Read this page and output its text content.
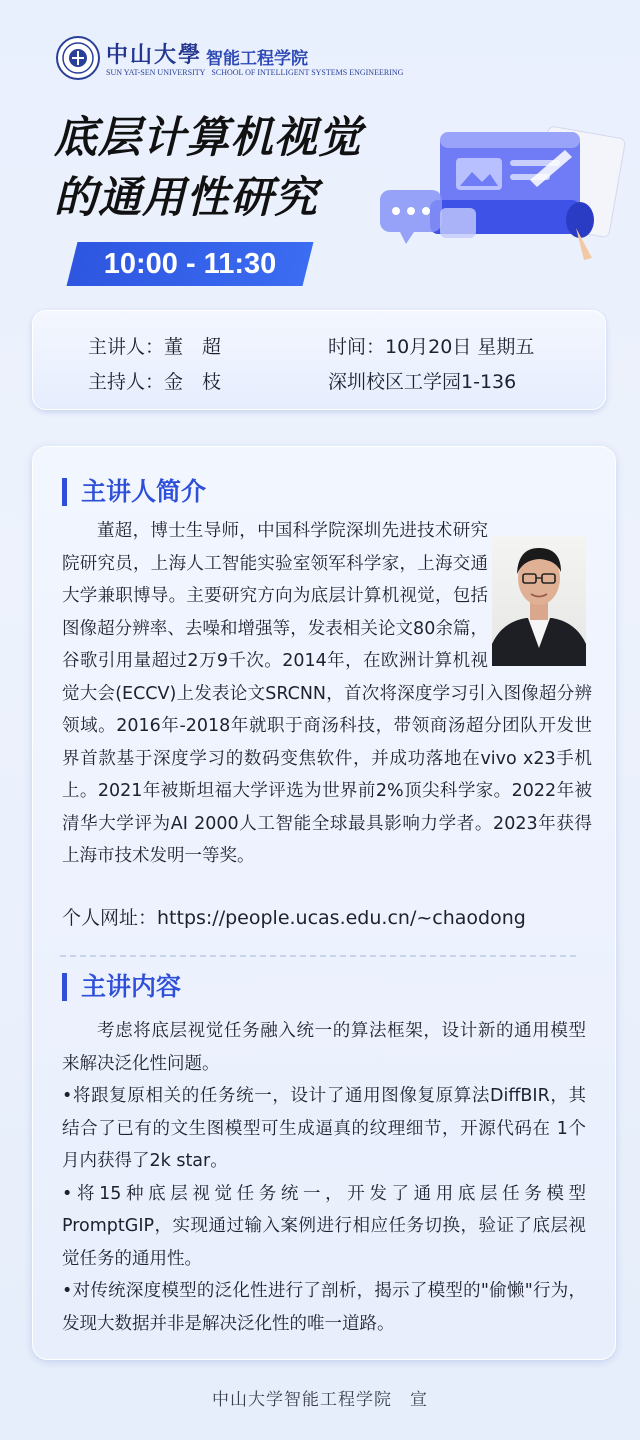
中山大學 智能工程学院
SUN YAT-SEN UNIVERSITY SCHOOL OF INTELLIGENT SYSTEMS ENGINEERING
底层计算机视觉
的通用性研究
10:00 - 11:30
主讲人：董　超
主持人：金　枝
时间：10月20日 星期五
深圳校区工学园1-136
主讲人简介

董超，博士生导师，中国科学院深圳先进技术研究院研究员，上海人工智能实验室领军科学家，上海交通大学兼职博导。主要研究方向为底层计算机视觉，包括图像超分辨率、去噪和增强等，发表相关论文80余篇，谷歌引用量超过2万9千次。2014年，在欧洲计算机视觉大会(ECCV)上发表论文SRCNN，首次将深度学习引入图像超分辨领域。2016年-2018年就职于商汤科技，带领商汤超分团队开发世界首款基于深度学习的数码变焦软件，并成功落地在vivo x23手机上。2021年被斯坦福大学评选为世界前2%顶尖科学家。2022年被清华大学评为AI 2000人工智能全球最具影响力学者。2023年获得上海市技术发明一等奖。

个人网址：https://people.ucas.edu.cn/~chaodong
主讲内容

考虑将底层视觉任务融入统一的算法框架，设计新的通用模型来解决泛化性问题。

•将跟复原相关的任务统一，设计了通用图像复原算法DiffBIR，其结合了已有的文生图模型可生成逼真的纹理细节，开源代码在 1个月内获得了2k star。

•将15种底层视觉任务统一，开发了通用底层任务模型PromptGIP，实现通过输入案例进行相应任务切换，验证了底层视觉任务的通用性。

•对传统深度模型的泛化性进行了剖析，揭示了模型的"偷懒"行为，发现大数据并非是解决泛化性的唯一道路。

中山大学智能工程学院　宣
